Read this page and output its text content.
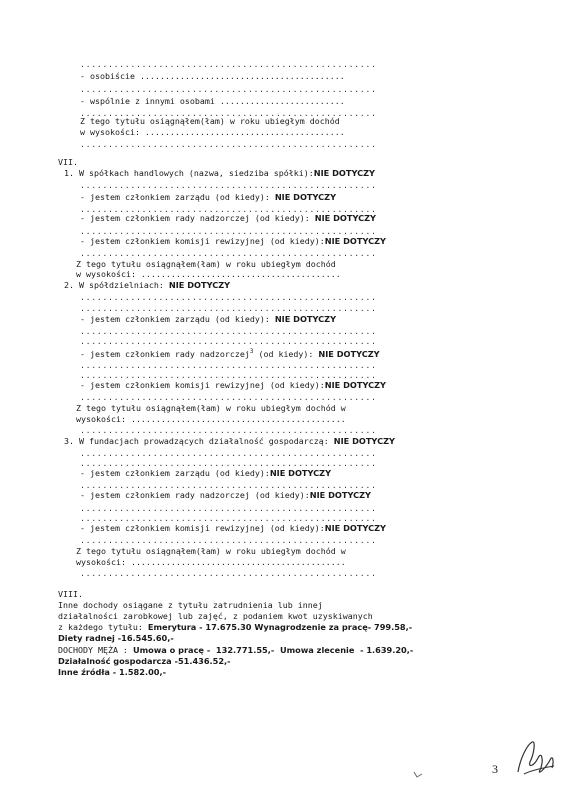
.....................................................
- osobiście .........................................
.....................................................
- wspólnie z innymi osobami .........................
.....................................................
Z tego tytułu osiągnąłem(łam) w roku ubiegłym dochód
w wysokości: ........................................
.....................................................
VII.
1. W spółkach handlowych (nazwa, siedziba spółki):NIE DOTYCZY
.....................................................
- jestem członkiem zarządu (od kiedy): NIE DOTYCZY
.....................................................
- jestem członkiem rady nadzorczej (od kiedy): NIE DOTYCZY
.....................................................
- jestem członkiem komisji rewizyjnej (od kiedy):NIE DOTYCZY
.....................................................
Z tego tytułu osiągnąłem(łam) w roku ubiegłym dochód
w wysokości: ........................................
2. W spółdzielniach: NIE DOTYCZY
.....................................................
.....................................................
- jestem członkiem zarządu (od kiedy): NIE DOTYCZY
.....................................................
.....................................................
- jestem członkiem rady nadzorczej$^3$ (od kiedy): NIE DOTYCZY
.....................................................
.....................................................
- jestem członkiem komisji rewizyjnej (od kiedy):NIE DOTYCZY
.....................................................
Z tego tytułu osiągnąłem(łam) w roku ubiegłym dochód w
wysokości: ...........................................
.....................................................
3. W fundacjach prowadzących działalność gospodarczą: NIE DOTYCZY
.....................................................
.....................................................
- jestem członkiem zarządu (od kiedy):NIE DOTYCZY
.....................................................
- jestem członkiem rady nadzorczej (od kiedy):NIE DOTYCZY
.....................................................
.....................................................
- jestem członkiem komisji rewizyjnej (od kiedy):NIE DOTYCZY
.....................................................
Z tego tytułu osiągnąłem(łam) w roku ubiegłym dochód w
wysokości: ...........................................
.....................................................
VIII.
Inne dochody osiągane z tytułu zatrudnienia lub innej
działalności zarobkowej lub zajęć, z podaniem kwot uzyskiwanych
z każdego tytułu: Emerytura - 17.675.30 Wynagrodzenie za pracę- 799.58,-
Diety radnej -16.545.60,-
DOCHODY MĘŻA : Umowa o pracę -  132.771.55,-  Umowa zlecenie  - 1.639.20,-
Działalność gospodarcza -51.436.52,-
Inne źródła - 1.582.00,-
3
